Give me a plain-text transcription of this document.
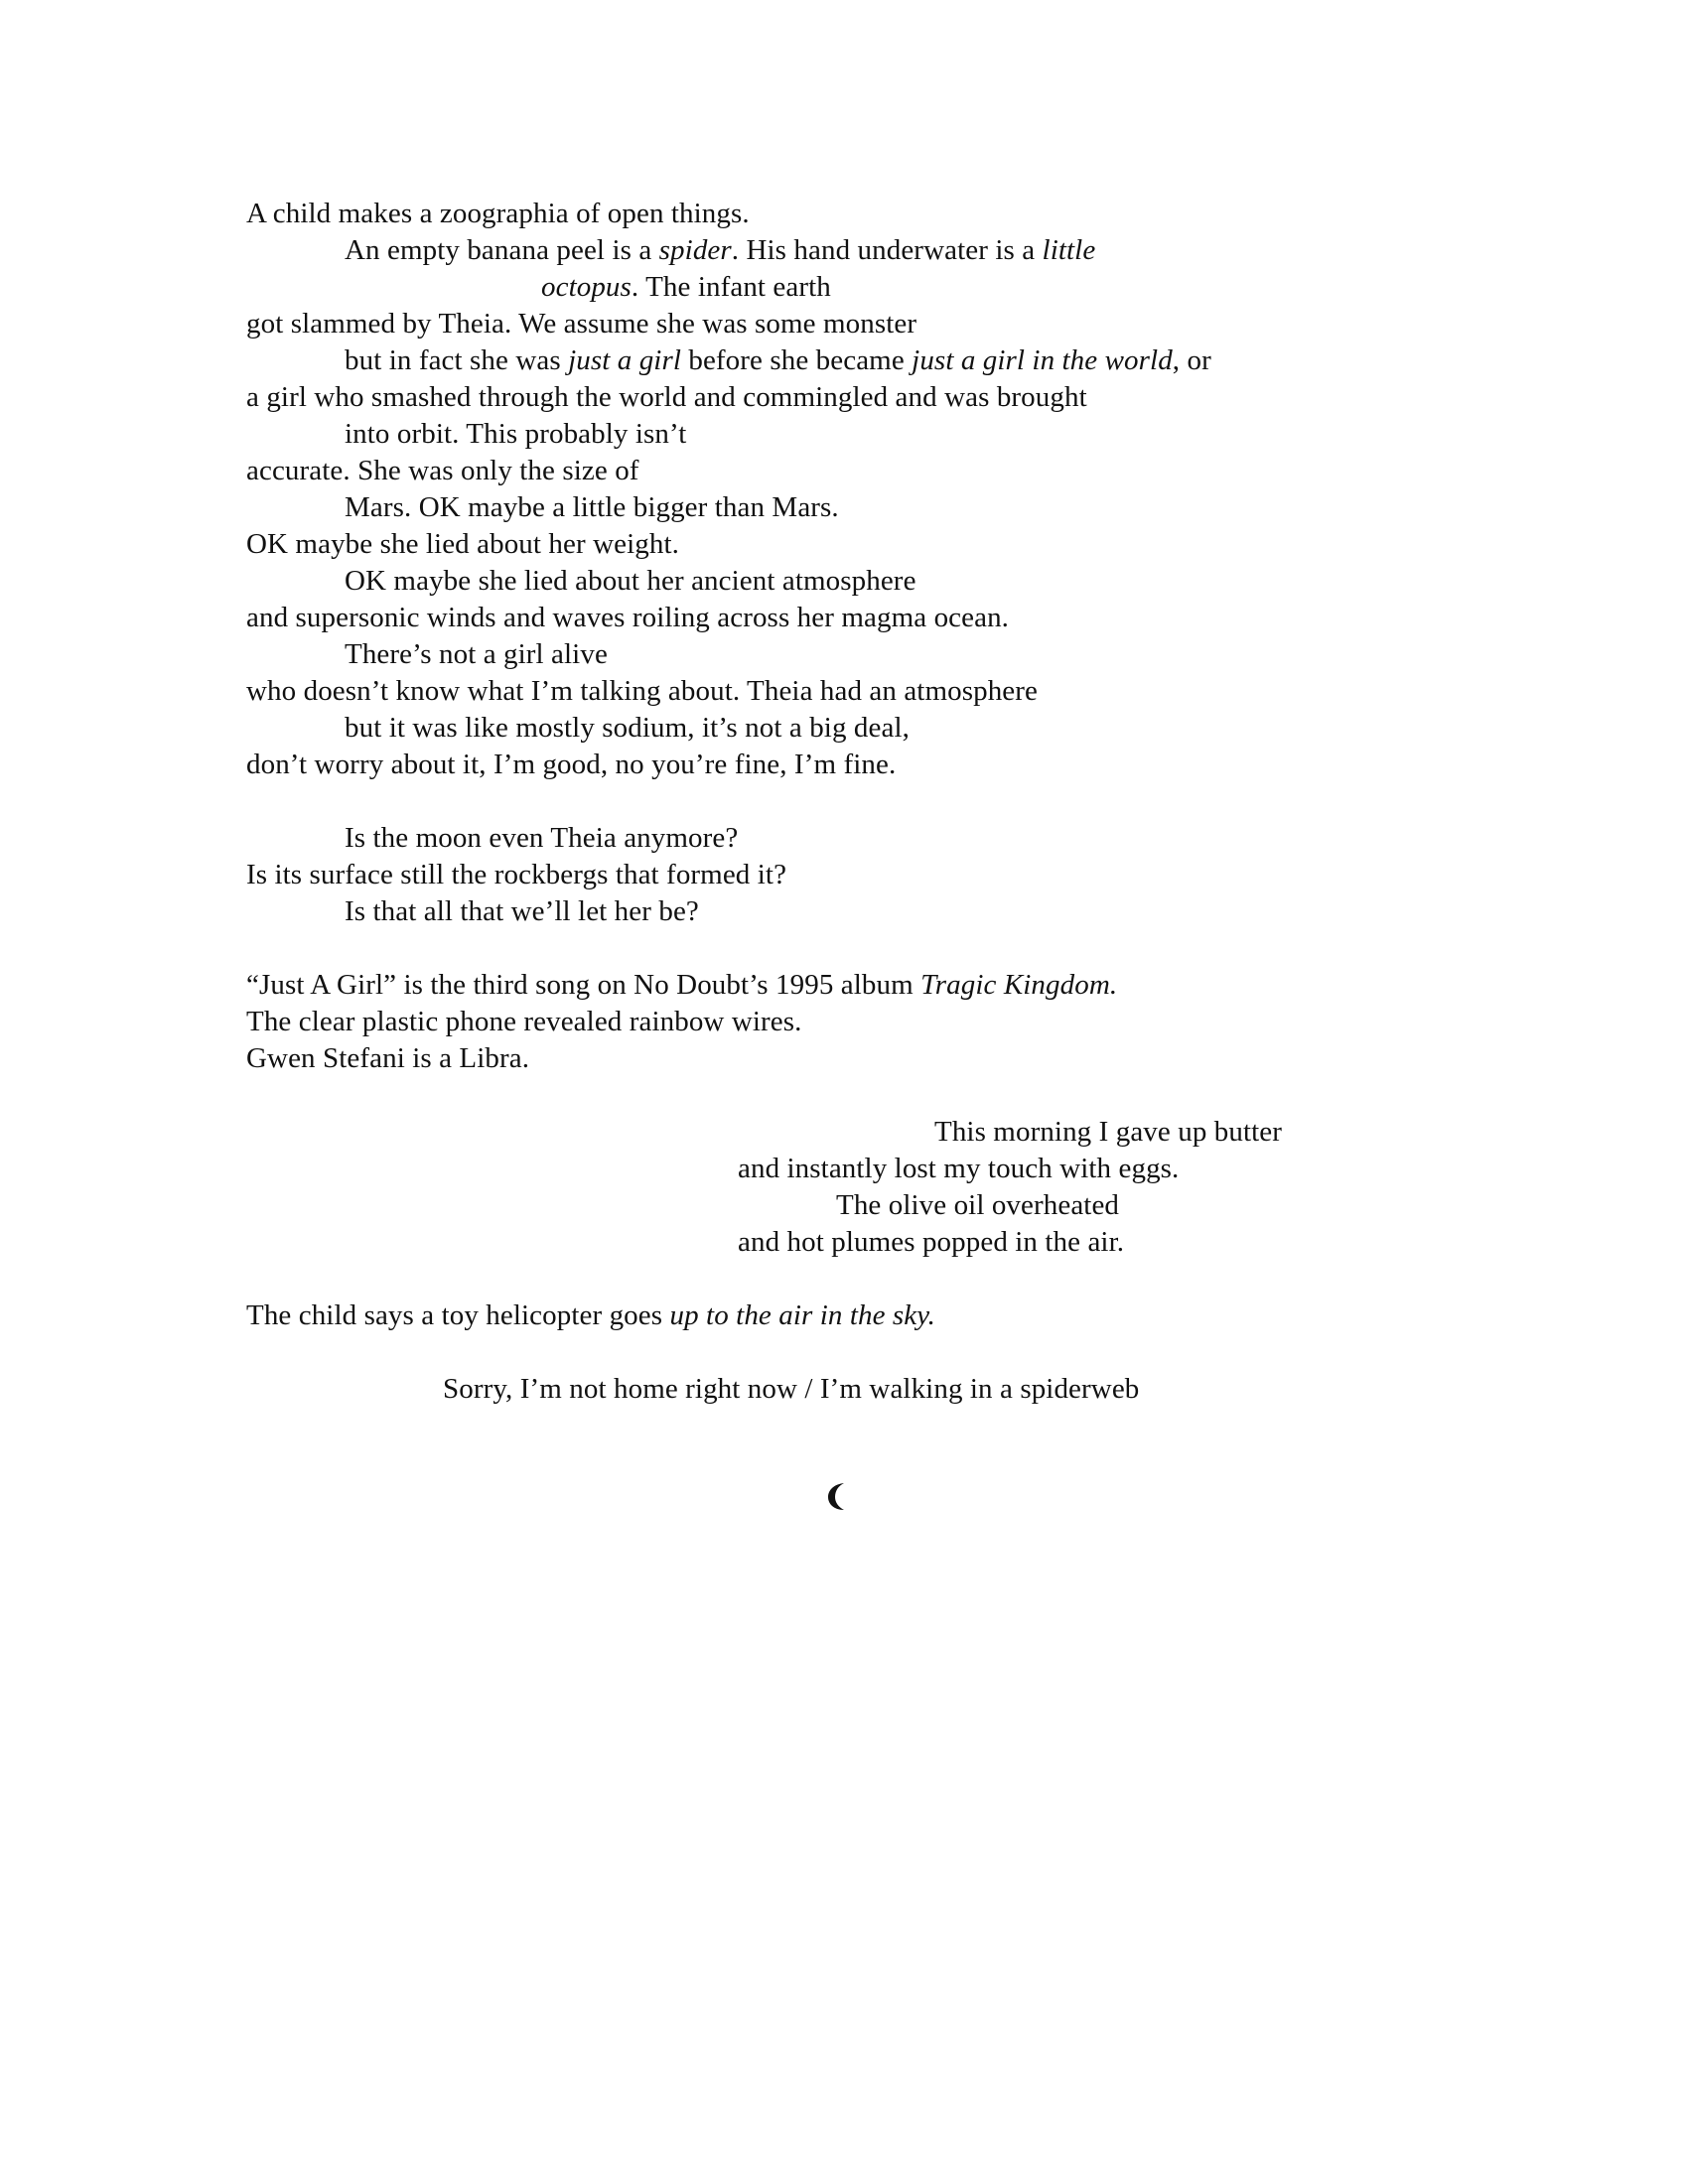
A child makes a zoographia of open things.
An empty banana peel is a spider. His hand underwater is a little
octopus. The infant earth
got slammed by Theia. We assume she was some monster
but in fact she was just a girl before she became just a girl in the world, or
a girl who smashed through the world and commingled and was brought
into orbit. This probably isn’t
accurate. She was only the size of
Mars. OK maybe a little bigger than Mars.
OK maybe she lied about her weight.
OK maybe she lied about her ancient atmosphere
and supersonic winds and waves roiling across her magma ocean.
There’s not a girl alive
who doesn’t know what I’m talking about. Theia had an atmosphere
but it was like mostly sodium, it’s not a big deal,
don’t worry about it, I’m good, no you’re fine, I’m fine.
Is the moon even Theia anymore?
Is its surface still the rockbergs that formed it?
Is that all that we’ll let her be?
“Just A Girl” is the third song on No Doubt’s 1995 album Tragic Kingdom.
The clear plastic phone revealed rainbow wires.
Gwen Stefani is a Libra.
This morning I gave up butter
and instantly lost my touch with eggs.
The olive oil overheated
and hot plumes popped in the air.
The child says a toy helicopter goes up to the air in the sky.
Sorry, I’m not home right now / I’m walking in a spiderweb
